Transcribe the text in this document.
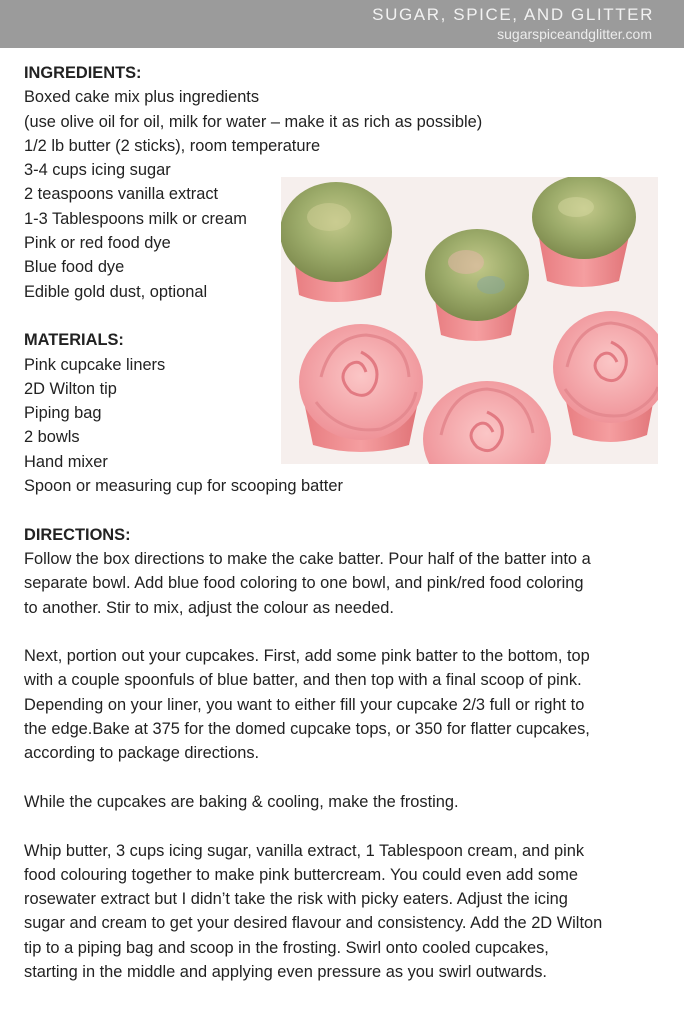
SUGAR, SPICE, AND GLITTER
sugarspiceandglitter.com
INGREDIENTS:
Boxed cake mix plus ingredients
(use olive oil for oil, milk for water – make it as rich as possible)
1/2 lb butter (2 sticks), room temperature
3-4 cups icing sugar
2 teaspoons vanilla extract
1-3 Tablespoons milk or cream
Pink or red food dye
Blue food dye
Edible gold dust, optional
MATERIALS:
Pink cupcake liners
2D Wilton tip
Piping bag
2 bowls
Hand mixer
Spoon or measuring cup for scooping batter
DIRECTIONS:
Follow the box directions to make the cake batter. Pour half of the batter into a
separate bowl. Add blue food coloring to one bowl, and pink/red food coloring
to another. Stir to mix, adjust the colour as needed.
Next, portion out your cupcakes. First, add some pink batter to the bottom, top
with a couple spoonfuls of blue batter, and then top with a final scoop of pink.
Depending on your liner, you want to either fill your cupcake 2/3 full or right to
the edge.Bake at 375 for the domed cupcake tops, or 350 for flatter cupcakes,
according to package directions.
While the cupcakes are baking & cooling, make the frosting.
Whip butter, 3 cups icing sugar, vanilla extract, 1 Tablespoon cream, and pink
food colouring together to make pink buttercream. You could even add some
rosewater extract but I didn’t take the risk with picky eaters. Adjust the icing
sugar and cream to get your desired flavour and consistency. Add the 2D Wilton
tip to a piping bag and scoop in the frosting. Swirl onto cooled cupcakes,
starting in the middle and applying even pressure as you swirl outwards.
